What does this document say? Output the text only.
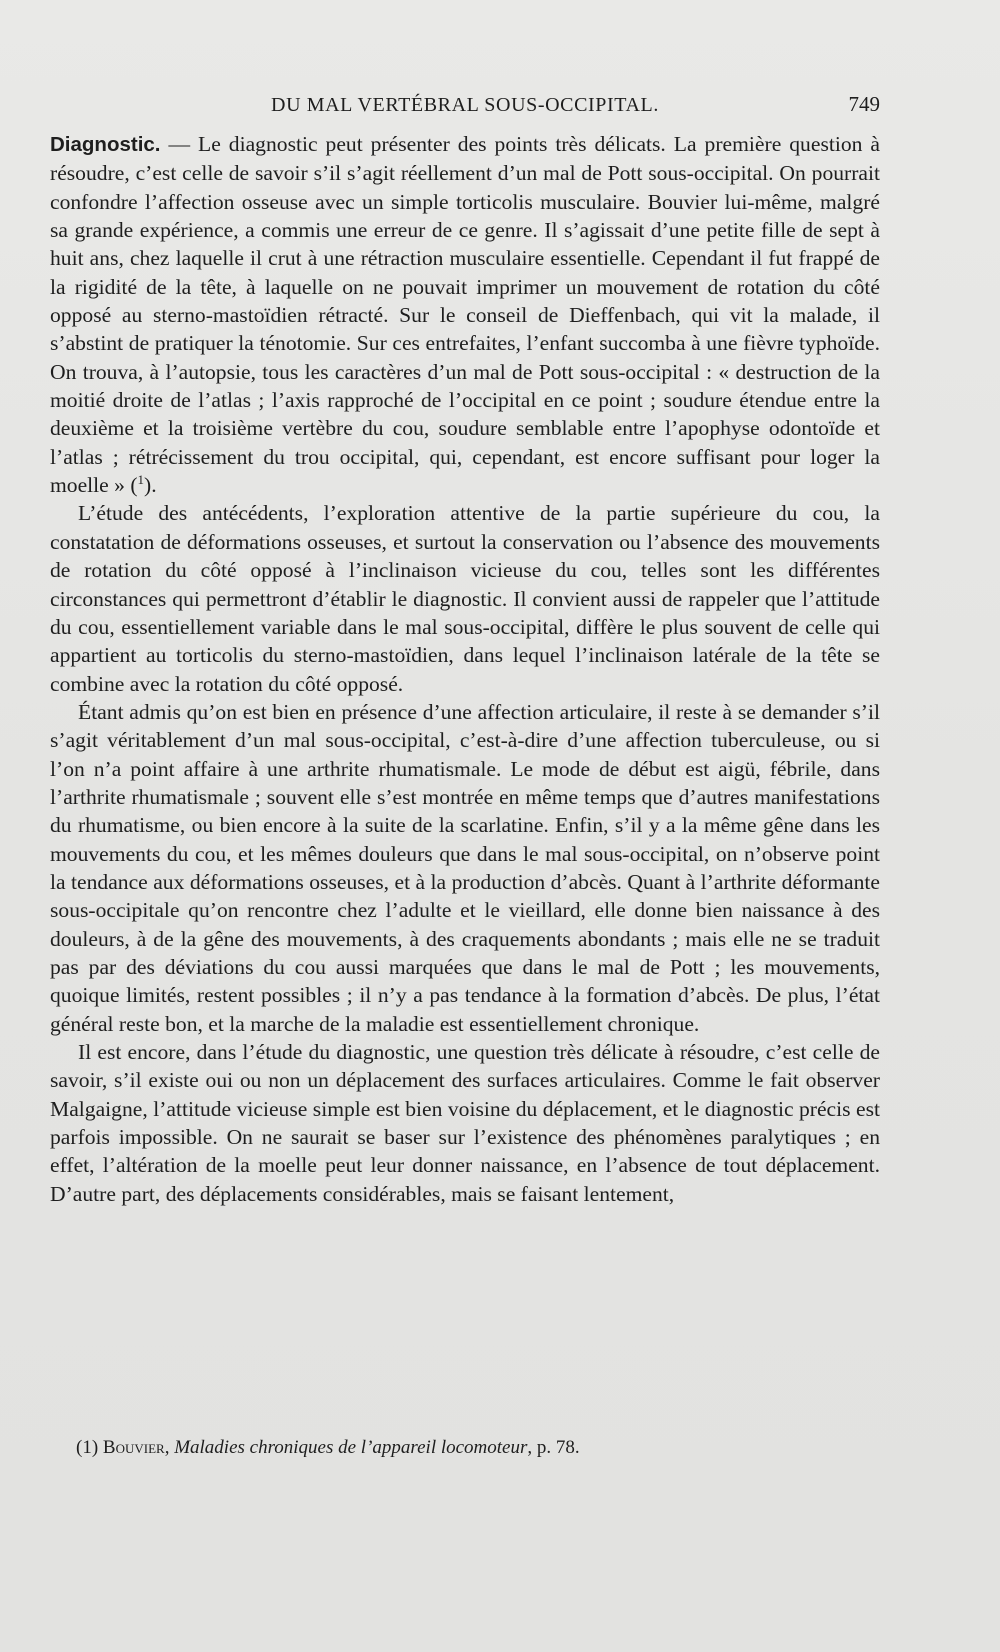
DU MAL VERTÉBRAL SOUS-OCCIPITAL.	749

Diagnostic. — Le diagnostic peut présenter des points très délicats. La première question à résoudre, c’est celle de savoir s’il s’agit réellement d’un mal de Pott sous-occipital. On pourrait confondre l’affection osseuse avec un simple torticolis musculaire. Bouvier lui-même, malgré sa grande expérience, a commis une erreur de ce genre. Il s’agissait d’une petite fille de sept à huit ans, chez laquelle il crut à une rétraction musculaire essentielle. Cependant il fut frappé de la rigidité de la tête, à laquelle on ne pouvait imprimer un mouvement de rotation du côté opposé au sterno-mastoïdien rétracté. Sur le conseil de Dieffenbach, qui vit la malade, il s’abstint de pratiquer la ténotomie. Sur ces entrefaites, l’enfant succomba à une fièvre typhoïde. On trouva, à l’autopsie, tous les caractères d’un mal de Pott sous-occipital : « destruction de la moitié droite de l’atlas ; l’axis rapproché de l’occipital en ce point ; soudure étendue entre la deuxième et la troisième vertèbre du cou, soudure semblable entre l’apophyse odontoïde et l’atlas ; rétrécissement du trou occipital, qui, cependant, est encore suffisant pour loger la moelle » ($^1$).

L’étude des antécédents, l’exploration attentive de la partie supérieure du cou, la constatation de déformations osseuses, et surtout la conservation ou l’absence des mouvements de rotation du côté opposé à l’inclinaison vicieuse du cou, telles sont les différentes circonstances qui permettront d’établir le diagnostic. Il convient aussi de rappeler que l’attitude du cou, essentiellement variable dans le mal sous-occipital, diffère le plus souvent de celle qui appartient au torticolis du sterno-mastoïdien, dans lequel l’inclinaison latérale de la tête se combine avec la rotation du côté opposé.

Étant admis qu’on est bien en présence d’une affection articulaire, il reste à se demander s’il s’agit véritablement d’un mal sous-occipital, c’est-à-dire d’une affection tuberculeuse, ou si l’on n’a point affaire à une arthrite rhumatismale. Le mode de début est aigü, fébrile, dans l’arthrite rhumatismale ; souvent elle s’est montrée en même temps que d’autres manifestations du rhumatisme, ou bien encore à la suite de la scarlatine. Enfin, s’il y a la même gêne dans les mouvements du cou, et les mêmes douleurs que dans le mal sous-occipital, on n’observe point la tendance aux déformations osseuses, et à la production d’abcès. Quant à l’arthrite déformante sous-occipitale qu’on rencontre chez l’adulte et le vieillard, elle donne bien naissance à des douleurs, à de la gêne des mouvements, à des craquements abondants ; mais elle ne se traduit pas par des déviations du cou aussi marquées que dans le mal de Pott ; les mouvements, quoique limités, restent possibles ; il n’y a pas tendance à la formation d’abcès. De plus, l’état général reste bon, et la marche de la maladie est essentiellement chronique.

Il est encore, dans l’étude du diagnostic, une question très délicate à résoudre, c’est celle de savoir, s’il existe oui ou non un déplacement des surfaces articulaires. Comme le fait observer Malgaigne, l’attitude vicieuse simple est bien voisine du déplacement, et le diagnostic précis est parfois impossible. On ne saurait se baser sur l’existence des phénomènes paralytiques ; en effet, l’altération de la moelle peut leur donner naissance, en l’absence de tout déplacement. D’autre part, des déplacements considérables, mais se faisant lentement,

(1) Bouvier, Maladies chroniques de l’appareil locomoteur, p. 78.
